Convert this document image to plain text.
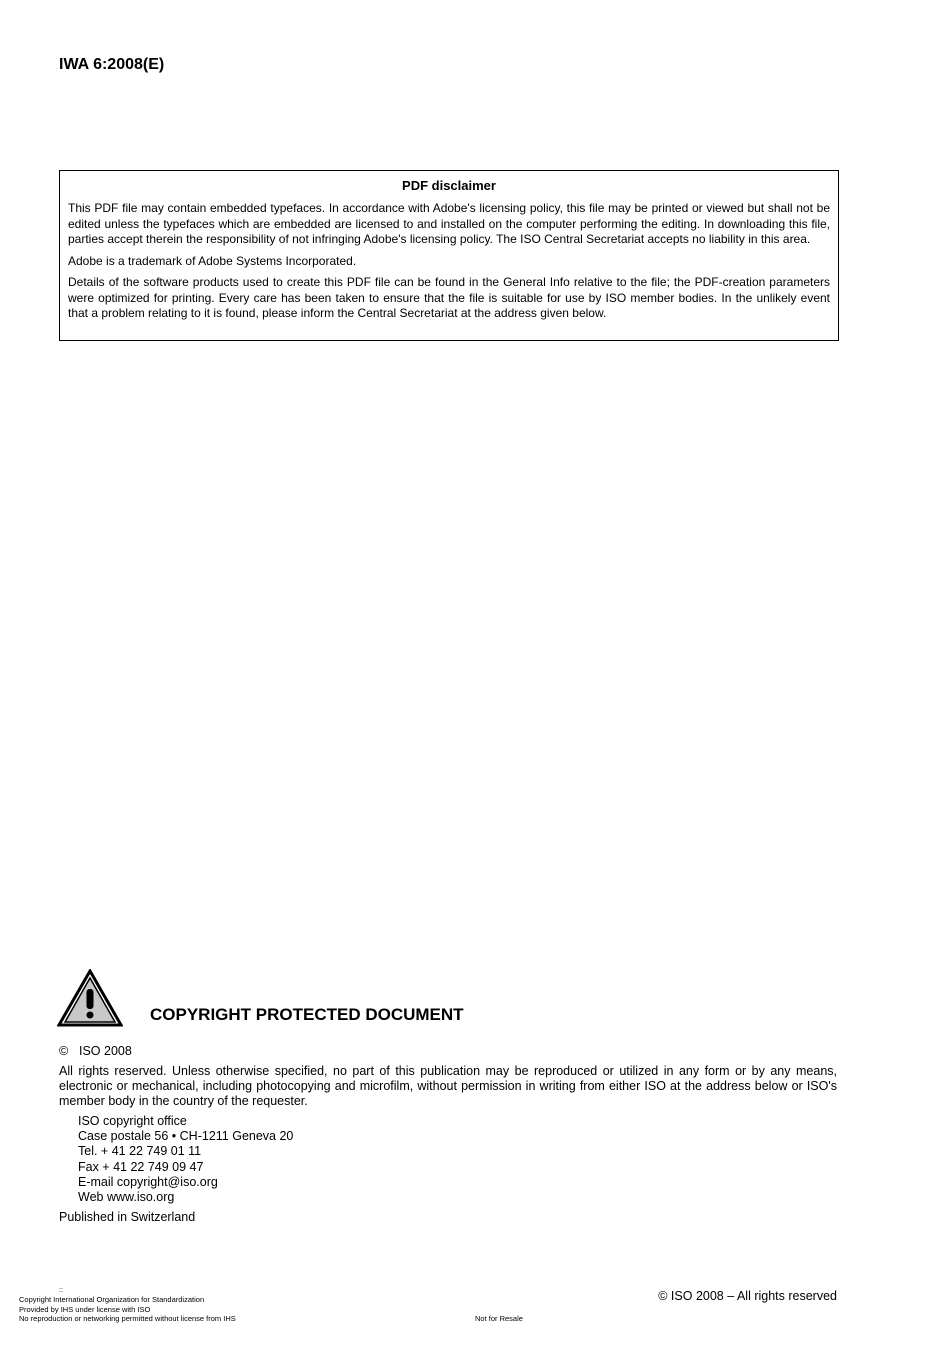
IWA 6:2008(E)
PDF disclaimer

This PDF file may contain embedded typefaces. In accordance with Adobe's licensing policy, this file may be printed or viewed but shall not be edited unless the typefaces which are embedded are licensed to and installed on the computer performing the editing. In downloading this file, parties accept therein the responsibility of not infringing Adobe's licensing policy. The ISO Central Secretariat accepts no liability in this area.

Adobe is a trademark of Adobe Systems Incorporated.

Details of the software products used to create this PDF file can be found in the General Info relative to the file; the PDF-creation parameters were optimized for printing. Every care has been taken to ensure that the file is suitable for use by ISO member bodies. In the unlikely event that a problem relating to it is found, please inform the Central Secretariat at the address given below.

COPYRIGHT PROTECTED DOCUMENT
© ISO 2008

All rights reserved. Unless otherwise specified, no part of this publication may be reproduced or utilized in any form or by any means, electronic or mechanical, including photocopying and microfilm, without permission in writing from either ISO at the address below or ISO's member body in the country of the requester.

ISO copyright office
Case postale 56 • CH-1211 Geneva 20
Tel. + 41 22 749 01 11
Fax + 41 22 749 09 47
E-mail copyright@iso.org
Web www.iso.org
Published in Switzerland
::
Copyright International Organization for Standardization
Provided by IHS under license with ISO
No reproduction or networking permitted without license from IHS	Not for Resale
© ISO 2008 – All rights reserved
